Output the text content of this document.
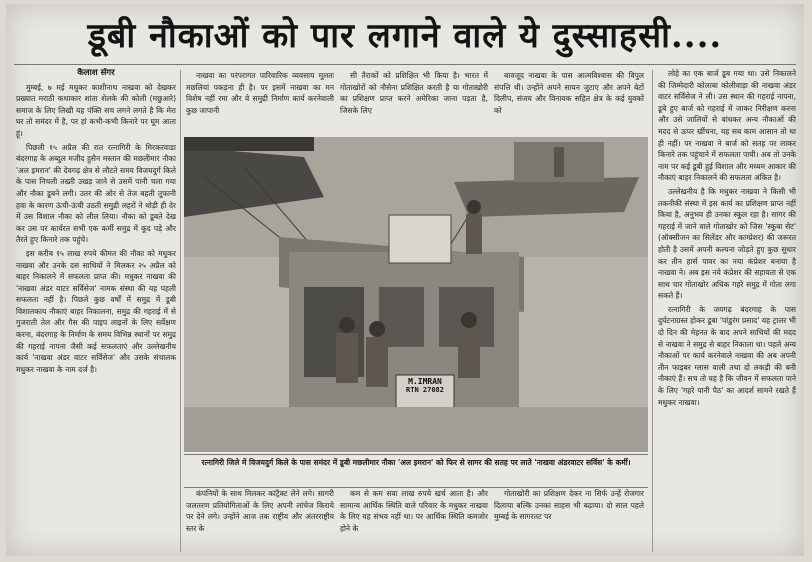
डूबी नौकाओं को पार लगाने वाले ये दुस्साहसी....

कैलाश सेंगर

मुम्बई, ७ मई मधुकर काशीनाथ नाखवा को देखकर प्रख्यात मराठी कथाकार शांता शेलके की कोली (मछुआरे) समाज के लिए लिखी यह पंक्ति सच लगने लगते है कि मेरा घर तो समंदर में है, पर हां कभी-कभी किनारे पर घूम आता हूं।

पिछली १५ अप्रैल की रात रत्नागिरी के मिरकरवाडा बंदरगाह के अब्दुल मजीद हुसैन मस्तान की मछलीमार नौका 'अल इमरान' की देवगढ़ क्षेत्र से लौटते समय विजयदुर्ग किले के पास निचली तख्ती उखड़ जाने से उसमें पानी चला गया और नौका डूबने लगी। उतर की ओर से तेज बहती तूफानी हवा के कारण ऊंची-ऊंची उठती समुद्री लहरों ने थोड़ी ही देर में उस विशाल नौका को लील लिया। नौका को डूबते देख कर उस पर कार्यरत सभी एक कर्मी समुद्र में कूद पड़े और तैरते हुए किनारे तक पहुंचे।

इस करीब १५ लाख रुपये कीमत की नौका को मधुकर नाखवा और उनके दस साथियों ने मिलकर २५ अप्रैल को बाहर निकालने में सफलता प्राप्त की। मधुकर नाखवा की 'नाखवा अंडर वाटर सर्विसेज' नामक संस्था की यह पहली सफलता नहीं है। पिछले कुछ वर्षों में समुद्र में डूबी विशालकाय नौकाएं बाहर निकालना, समुद्र की गहराई में से गुजराती तेल और गैस की पाइप लाइनों के लिए सर्वेक्षण करना, बंदरगाह के निर्माण के समय विभिन्न स्थानों पर समुद्र की गहराई नापना जैसी कई सफलताएं और उल्लेखनीय कार्य 'नाखवा अंडर वाटर सर्विसेज' और उसके संचालक मधुकर नाखवा के नाम दर्ज है।

नाखवा का परंपरागत पारिवारिक व्यवसाय मूलतः मछलियां पकड़ना ही है। पर इसमें नाखवा का मन विशेष नहीं रमा और वे समुद्री निर्माण कार्य करनेवाली कुछ जापानी

सी तैराकों को प्रशिक्षित भी किया है। भारत में गोताखोरों को नौसेना प्रशिक्षित करती है या गोताखोरी का प्रशिक्षण प्राप्त करने अमेरिका जाना पड़ता है, जिसके लिए

बावजूद नाखवा के पास आत्मविश्वास की विपुल संपत्ति थी। उन्होंने अपने सायन जुटाए और अपने बेटों दिलीप, संजय और विनायक सहित क्षेत्र के कई युवकों को

M.IMRAN
RTN 27082
रत्नागिरी जिले में विजयदुर्ग किले के पास समंदर में डूबी मछलीमार नौका 'अल इमरान' को फिर से सागर की सतह पर लाते 'नाखवा अंडरवाटर सर्विस' के कर्मी।

कंपनियों के साथ मिलकर कांट्रैक्ट लेने लगे। सागरी जलतरण प्रतियोगिताओं के लिए अपनी लांचेज किराये पर देने लगे। उन्होंने आज तक राष्ट्रीय और अंतरराष्ट्रीय स्तर के

कम से कम सवा लाख रुपये खर्च आता है। और सामान्य आर्थिक स्थिति वाले परिवार के मधुकर नाखवा के लिए यह संभव नहीं था। पर आर्थिक स्थिति कमजोर होने के

गोताखोरी का प्रशिक्षण देकर ना सिर्फ उन्हें रोजगार दिलाया बल्कि उनका साहस भी बढ़ाया। दो साल पहले मुम्बई के सागरतट पर

लोहे का एक बार्ज डूब गया था। उसे निकालने की जिम्मेदारी कोलाबा कोलीवाड़ा की नाखवा अंडर वाटर सर्विसेज ने ली। उस स्थान की गहराई नापना, डूबे हुए बार्ज को गहराई में जाकर निरीक्षण करना और उसे जालियों से बांधकर अन्य नौकाओं की मदद से ऊपर खींचना, यह सब काम आसान तो था ही नहीं। पर नाखवा ने बार्ज को सतह पर लाकर किनारे तक पहुंचाने में सफलता पायी। अब तो उनके नाम पर कई डूबी हुई विशाल और मध्यम आकार की नौकाएं बाहर निकालने की सफलता अंकित है।

उल्लेखनीय है कि मधुकर नाखवा ने किसी भी तकनीकी संस्था में इस कार्य का प्रशिक्षण प्राप्त नहीं किया है, अनुभव ही उनका स्कूल रहा है। सागर की गहराई में जाने वाले गोताखोर को जिस 'स्कूबा सेट' (ऑक्सीजन का सिलेंडर और काम्प्रेशर) की जरूरत होती है उसमें अपनी कल्पना जोड़ते हुए कुछ सुधार कर तीन हार्स पावर का नया कंप्रेशर बनाया है नाखवा ने। अब इस नये कंप्रेशर की सहायता से एक साथ चार गोताखोर अधिक गहरे समुद्र में गोता लगा सकते हैं।

रत्नागिरी के जयगढ़ बंदरगाह के पास दुर्घटनाग्रस्त होकर डूबा 'पांडुरंग प्रसाद' यह ट्रालर भी दो दिन की मेहनत के बाद अपने साथियों की मदद से नाखवा ने समुद्र से बाहर निकाला था। पहले अन्य नौकाओं पर कार्य करनेवाले नाखवा की अब अपनी तीन फाइबर ग्लास वाली तथा दो लकड़ी की बनी नौकाएं हैं। सच तो यह है कि जीवन में सफलता पाने के लिए 'गहरे पानी पैठ' का आदर्श सामने रखते हैं मधुकर नाखवा।
